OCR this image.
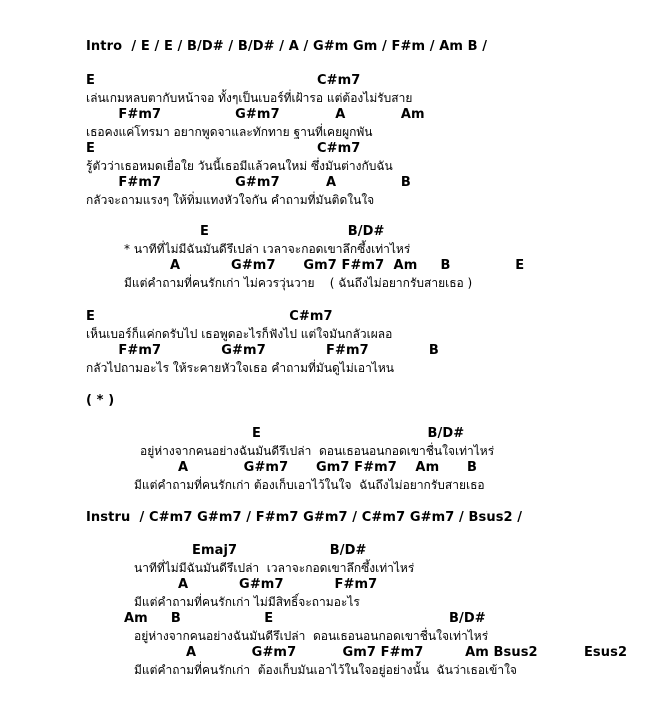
Intro  / E / E / B/D# / B/D# / A / G#m Gm / F#m / Am B /
E                                                C#m7
เล่นเกมหลบตากับหน้าจอ ทั้งๆเป็นเบอร์ที่เฝ้ารอ แต่ต้องไม่รับสาย
F#m7                G#m7            A            Am
เธอคงแค่โทรมา อยากพูดจาและทักทาย ฐานที่เคยผูกพัน
E                                                C#m7
รู้ตัวว่าเธอหมดเยื่อใย วันนี้เธอมีแล้วคนใหม่ ซึ่งมันต่างกับฉัน
F#m7                G#m7          A              B
กลัวจะถามแรงๆ ให้ทิ่มแทงหัวใจกัน คำถามที่มันติดในใจ
E                              B/D#
* นาทีที่ไม่มีฉันมันดีรึเปล่า เวลาจะกอดเขาลึกซึ้งเท่าไหร่
A           G#m7      Gm7 F#m7  Am     B              E
มีแต่คำถามที่คนรักเก่า ไม่ควรวุ่นวาย    ( ฉันถึงไม่อยากรับสายเธอ )
E                                          C#m7
เห็นเบอร์ก็แค่กดรับไป เธอพูดอะไรก็ฟังไป แต่ใจมันกลัวเผลอ
F#m7             G#m7             F#m7             B
กลัวไปถามอะไร ให้ระคายหัวใจเธอ คำถามที่มันดูไม่เอาไหน
( * )
E                                    B/D#
อยู่ห่างจากคนอย่างฉันมันดีรึเปล่า  ดอนเธอนอนกอดเขาชื่นใจเท่าไหร่
A            G#m7      Gm7 F#m7    Am      B
มีแต่คำถามที่คนรักเก่า ต้องเก็บเอาไว้ในใจ  ฉันถึงไม่อยากรับสายเธอ
Instru  / C#m7 G#m7 / F#m7 G#m7 / C#m7 G#m7 / Bsus2 /
Emaj7                    B/D#
นาทีที่ไม่มีฉันมันดีรึเปล่า  เวลาจะกอดเขาลึกซึ้งเท่าไหร่
A           G#m7           F#m7
มีแต่คำถามที่คนรักเก่า ไม่มีสิทธิ์จะถามอะไร
Am     B                  E                                      B/D#
อยู่ห่างจากคนอย่างฉันมันดีรึเปล่า  ดอนเธอนอนกอดเขาชื่นใจเท่าไหร่
A            G#m7          Gm7 F#m7         Am Bsus2          Esus2
มีแต่คำถามที่คนรักเก่า  ต้องเก็บมันเอาไว้ในใจอยู่อย่างนั้น  ฉันว่าเธอเข้าใจ
